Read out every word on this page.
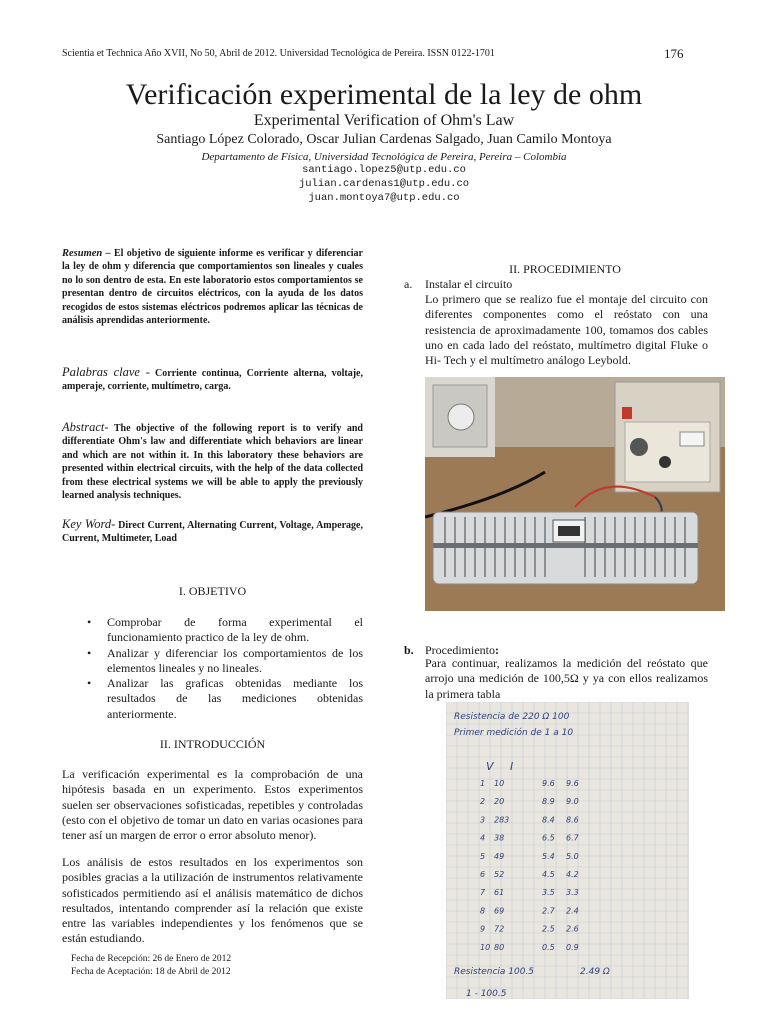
Scientia et Technica Año XVII, No 50, Abril de 2012. Universidad Tecnológica de Pereira. ISSN 0122-1701	176
Verificación experimental de la ley de ohm
Experimental Verification of Ohm's Law
Santiago López Colorado, Oscar Julian Cardenas Salgado, Juan Camilo Montoya
Departamento de Física, Universidad Tecnológica de Pereira, Pereira – Colombia
santiago.lopez5@utp.edu.co
julian.cardenas1@utp.edu.co
juan.montoya7@utp.edu.co
Resumen – El objetivo de siguiente informe es verificar y diferenciar la ley de ohm y diferencia que comportamientos son lineales y cuales no lo son dentro de esta. En este laboratorio estos comportamientos se presentan dentro de circuitos eléctricos, con la ayuda de los datos recogidos de estos sistemas eléctricos podremos aplicar las técnicas de análisis aprendidas anteriormente.
Palabras clave - Corriente continua, Corriente alterna, voltaje, amperaje, corriente, multímetro, carga.
Abstract- The objective of the following report is to verify and differentiate Ohm's law and differentiate which behaviors are linear and which are not within it. In this laboratory these behaviors are presented within electrical circuits, with the help of the data collected from these electrical systems we will be able to apply the previously learned analysis techniques.
Key Word- Direct Current, Alternating Current, Voltage, Amperage, Current, Multimeter, Load
I. OBJETIVO
• Comprobar de forma experimental el funcionamiento practico de la ley de ohm.
• Analizar y diferenciar los comportamientos de los elementos lineales y no lineales.
• Analizar las graficas obtenidas mediante los resultados de las mediciones obtenidas anteriormente.
II. INTRODUCCIÓN
La verificación experimental es la comprobación de una hipótesis basada en un experimento. Estos experimentos suelen ser observaciones sofisticadas, repetibles y controladas (esto con el objetivo de tomar un dato en varias ocasiones para tener así un margen de error o error absoluto menor).
Los análisis de estos resultados en los experimentos son posibles gracias a la utilización de instrumentos relativamente sofisticados permitiendo así el análisis matemático de dichos resultados, intentando comprender así la relación que existe entre las variables independientes y los fenómenos que se están estudiando.
Fecha de Recepción: 26 de Enero de 2012
Fecha de Aceptación: 18 de Abril de 2012
II. PROCEDIMIENTO
a. Instalar el circuito
Lo primero que se realizo fue el montaje del circuito con diferentes componentes como el reóstato con una resistencia de aproximadamente 100, tomamos dos cables uno en cada lado del reóstato, multímetro digital Fluke o Hi- Tech y el multímetro análogo Leybold.
b. Procedimiento:
Para continuar, realizamos la medición del reóstato que arrojo una medición de 100,5Ω y ya con ellos realizamos la primera tabla
Resistencia de 220 Ω 100
Primer medición de 1 a 10
V I
1 10	9.6 9.6
2 20	8.9 9.0
3 283	8.4 8.6
4 38	6.5 6.7
5 49	5.4 5.0
6 52	4.5 4.2
7 61	3.5 3.3
8 69	2.7 2.4
9 72	2.5 2.6
10 80	0.5 0.9
Resistencia 100.5	2.49 Ω
1 - 100.5
